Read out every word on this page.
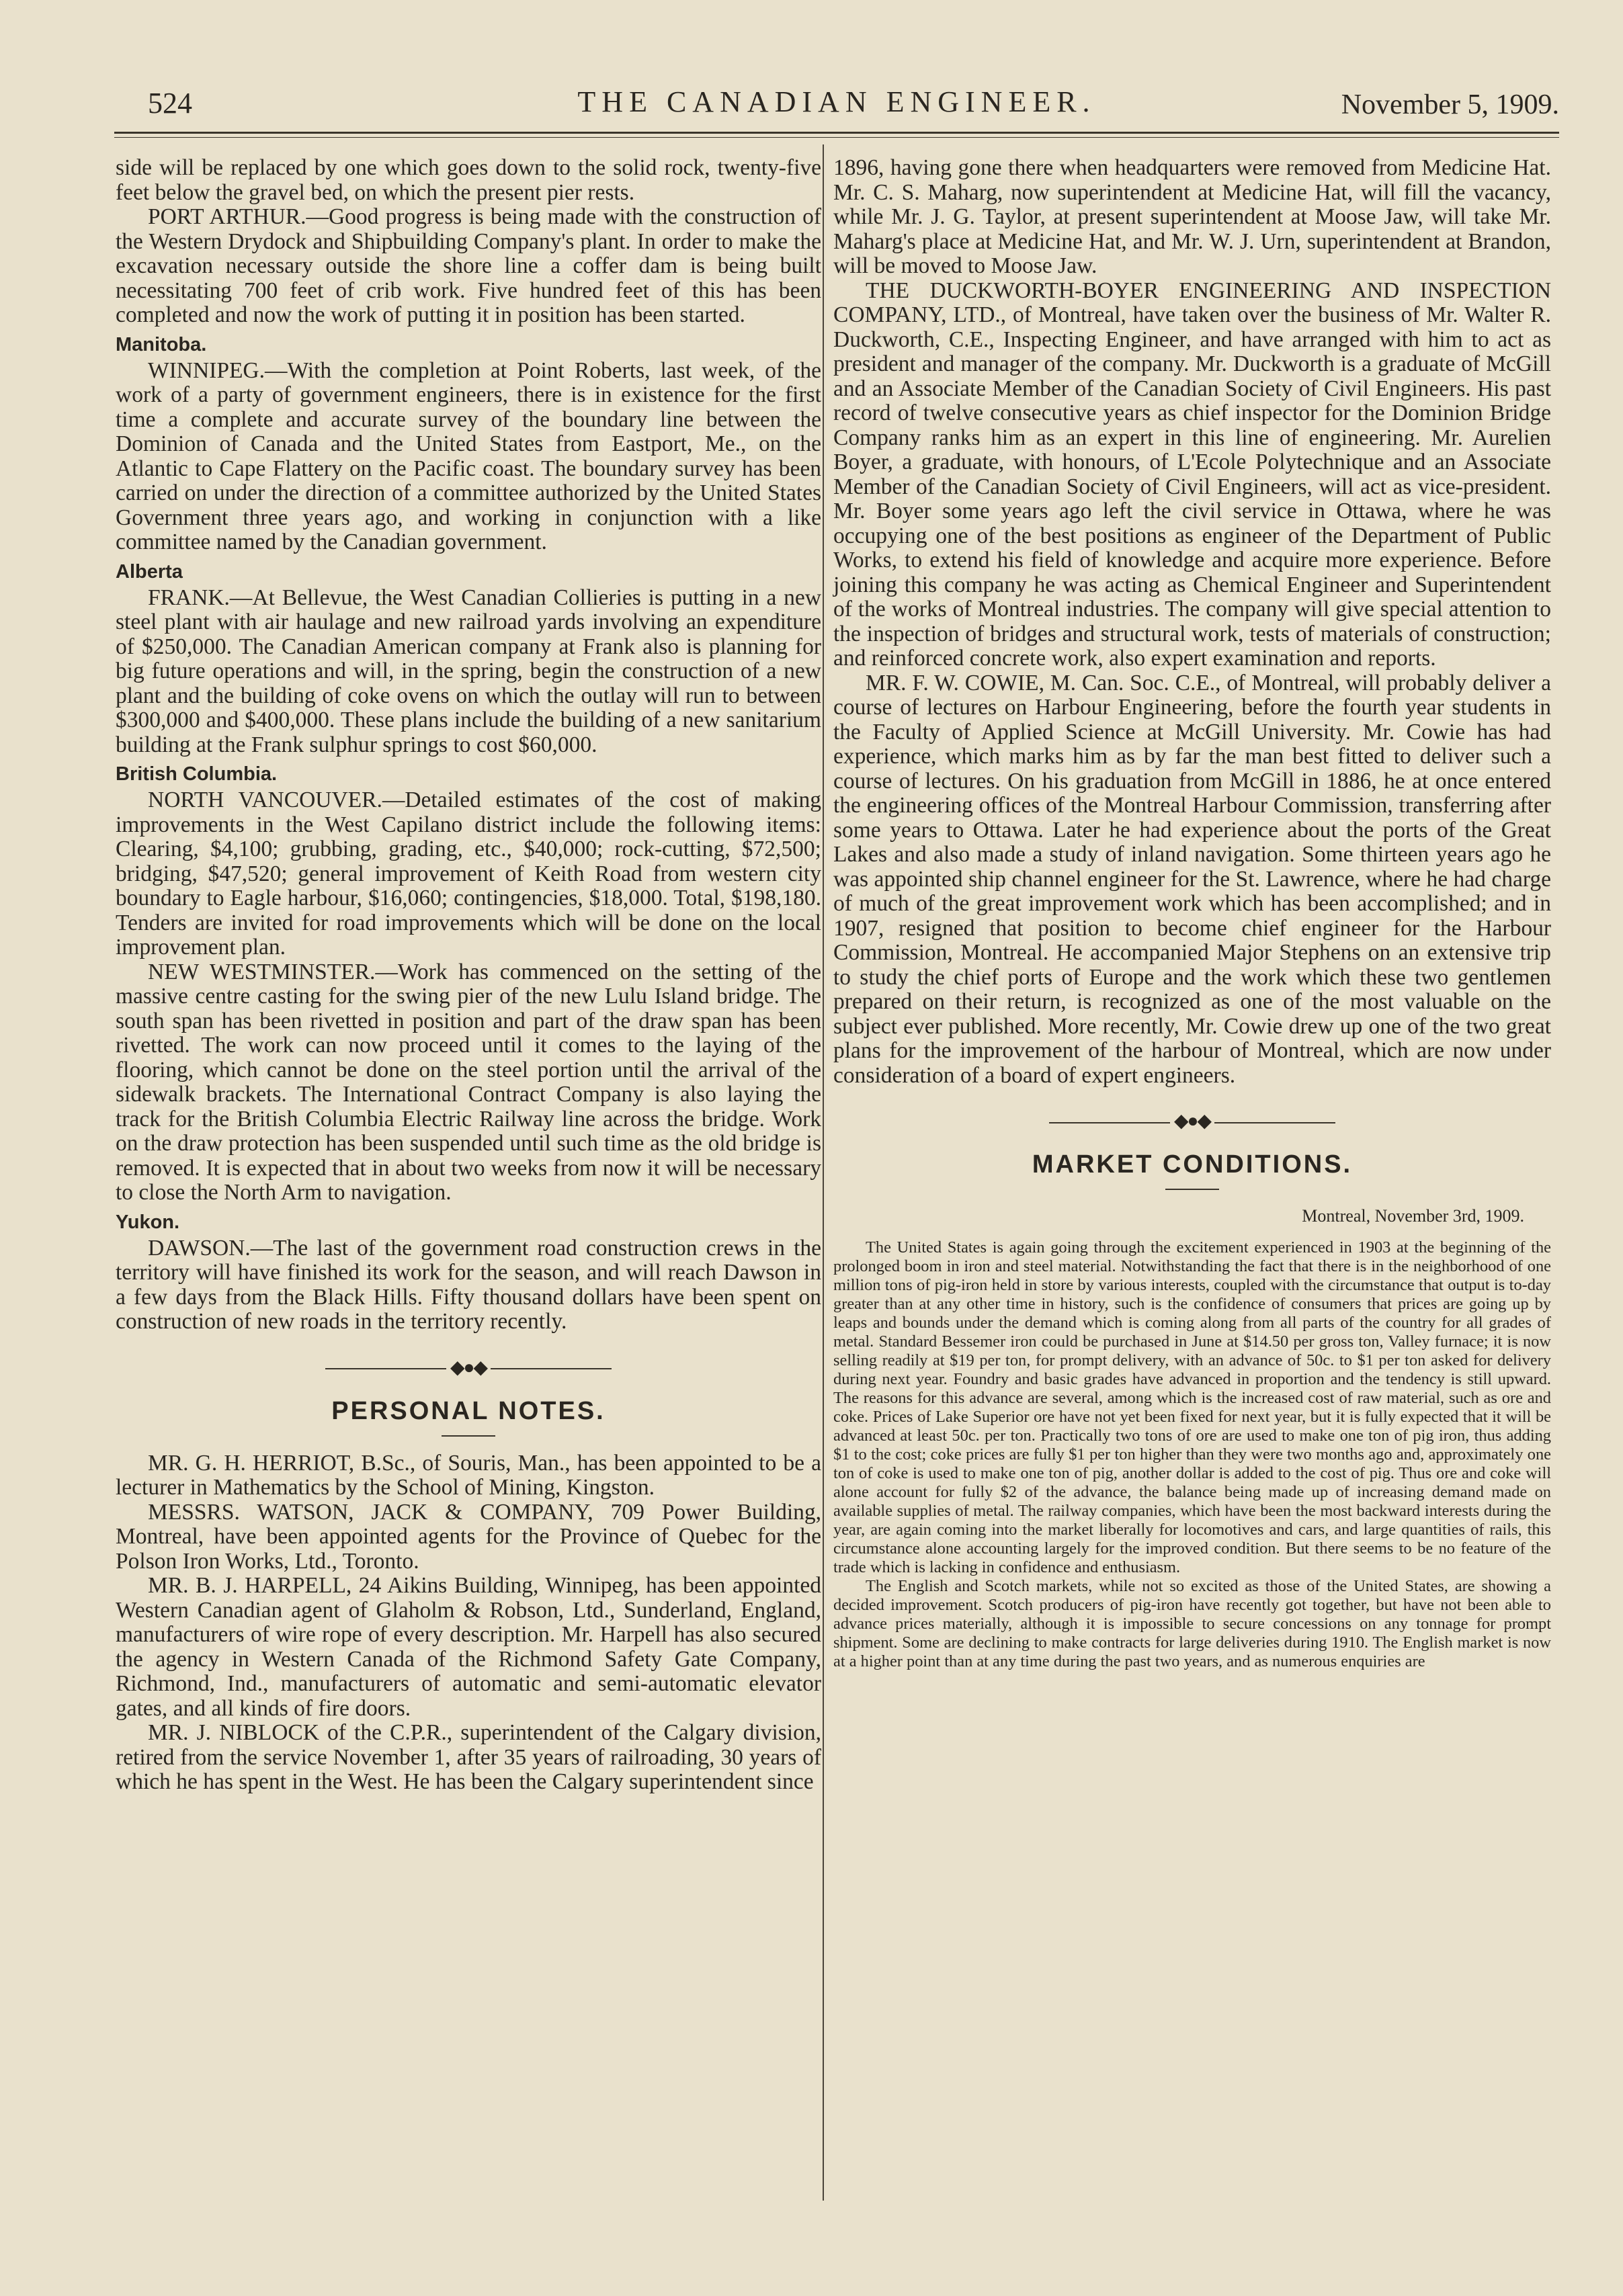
524	THE CANADIAN ENGINEER.	November 5, 1909.

side will be replaced by one which goes down to the solid rock, twenty-five feet below the gravel bed, on which the present pier rests.

PORT ARTHUR.—Good progress is being made with the construction of the Western Drydock and Shipbuilding Company's plant. In order to make the excavation necessary outside the shore line a coffer dam is being built necessitating 700 feet of crib work. Five hundred feet of this has been completed and now the work of putting it in position has been started.

Manitoba.

WINNIPEG.—With the completion at Point Roberts, last week, of the work of a party of government engineers, there is in existence for the first time a complete and accurate survey of the boundary line between the Dominion of Canada and the United States from Eastport, Me., on the Atlantic to Cape Flattery on the Pacific coast. The boundary survey has been carried on under the direction of a committee authorized by the United States Government three years ago, and working in conjunction with a like committee named by the Canadian government.

Alberta

FRANK.—At Bellevue, the West Canadian Collieries is putting in a new steel plant with air haulage and new railroad yards involving an expenditure of $250,000. The Canadian American company at Frank also is planning for big future operations and will, in the spring, begin the construction of a new plant and the building of coke ovens on which the outlay will run to between $300,000 and $400,000. These plans include the building of a new sanitarium building at the Frank sulphur springs to cost $60,000.

British Columbia.

NORTH VANCOUVER.—Detailed estimates of the cost of making improvements in the West Capilano district include the following items: Clearing, $4,100; grubbing, grading, etc., $40,000; rock-cutting, $72,500; bridging, $47,520; general improvement of Keith Road from western city boundary to Eagle harbour, $16,060; contingencies, $18,000. Total, $198,180. Tenders are invited for road improvements which will be done on the local improvement plan.

NEW WESTMINSTER.—Work has commenced on the setting of the massive centre casting for the swing pier of the new Lulu Island bridge. The south span has been rivetted in position and part of the draw span has been rivetted. The work can now proceed until it comes to the laying of the flooring, which cannot be done on the steel portion until the arrival of the sidewalk brackets. The International Contract Company is also laying the track for the British Columbia Electric Railway line across the bridge. Work on the draw protection has been suspended until such time as the old bridge is removed. It is expected that in about two weeks from now it will be necessary to close the North Arm to navigation.

Yukon.

DAWSON.—The last of the government road construction crews in the territory will have finished its work for the season, and will reach Dawson in a few days from the Black Hills. Fifty thousand dollars have been spent on construction of new roads in the territory recently.

◆●◆
PERSONAL NOTES.

MR. G. H. HERRIOT, B.Sc., of Souris, Man., has been appointed to be a lecturer in Mathematics by the School of Mining, Kingston.

MESSRS. WATSON, JACK & COMPANY, 709 Power Building, Montreal, have been appointed agents for the Province of Quebec for the Polson Iron Works, Ltd., Toronto.

MR. B. J. HARPELL, 24 Aikins Building, Winnipeg, has been appointed Western Canadian agent of Glaholm & Robson, Ltd., Sunderland, England, manufacturers of wire rope of every description. Mr. Harpell has also secured the agency in Western Canada of the Richmond Safety Gate Company, Richmond, Ind., manufacturers of automatic and semi-automatic elevator gates, and all kinds of fire doors.

MR. J. NIBLOCK of the C.P.R., superintendent of the Calgary division, retired from the service November 1, after 35 years of railroading, 30 years of which he has spent in the West. He has been the Calgary superintendent since

1896, having gone there when headquarters were removed from Medicine Hat. Mr. C. S. Maharg, now superintendent at Medicine Hat, will fill the vacancy, while Mr. J. G. Taylor, at present superintendent at Moose Jaw, will take Mr. Maharg's place at Medicine Hat, and Mr. W. J. Urn, superintendent at Brandon, will be moved to Moose Jaw.

THE DUCKWORTH-BOYER ENGINEERING AND INSPECTION COMPANY, LTD., of Montreal, have taken over the business of Mr. Walter R. Duckworth, C.E., Inspecting Engineer, and have arranged with him to act as president and manager of the company. Mr. Duckworth is a graduate of McGill and an Associate Member of the Canadian Society of Civil Engineers. His past record of twelve consecutive years as chief inspector for the Dominion Bridge Company ranks him as an expert in this line of engineering. Mr. Aurelien Boyer, a graduate, with honours, of L'Ecole Polytechnique and an Associate Member of the Canadian Society of Civil Engineers, will act as vice-president. Mr. Boyer some years ago left the civil service in Ottawa, where he was occupying one of the best positions as engineer of the Department of Public Works, to extend his field of knowledge and acquire more experience. Before joining this company he was acting as Chemical Engineer and Superintendent of the works of Montreal industries. The company will give special attention to the inspection of bridges and structural work, tests of materials of construction; and reinforced concrete work, also expert examination and reports.

MR. F. W. COWIE, M. Can. Soc. C.E., of Montreal, will probably deliver a course of lectures on Harbour Engineering, before the fourth year students in the Faculty of Applied Science at McGill University. Mr. Cowie has had experience, which marks him as by far the man best fitted to deliver such a course of lectures. On his graduation from McGill in 1886, he at once entered the engineering offices of the Montreal Harbour Commission, transferring after some years to Ottawa. Later he had experience about the ports of the Great Lakes and also made a study of inland navigation. Some thirteen years ago he was appointed ship channel engineer for the St. Lawrence, where he had charge of much of the great improvement work which has been accomplished; and in 1907, resigned that position to become chief engineer for the Harbour Commission, Montreal. He accompanied Major Stephens on an extensive trip to study the chief ports of Europe and the work which these two gentlemen prepared on their return, is recognized as one of the most valuable on the subject ever published. More recently, Mr. Cowie drew up one of the two great plans for the improvement of the harbour of Montreal, which are now under consideration of a board of expert engineers.

◆●◆
MARKET CONDITIONS.
Montreal, November 3rd, 1909.

The United States is again going through the excitement experienced in 1903 at the beginning of the prolonged boom in iron and steel material. Notwithstanding the fact that there is in the neighborhood of one million tons of pig-iron held in store by various interests, coupled with the circumstance that output is to-day greater than at any other time in history, such is the confidence of consumers that prices are going up by leaps and bounds under the demand which is coming along from all parts of the country for all grades of metal. Standard Bessemer iron could be purchased in June at $14.50 per gross ton, Valley furnace; it is now selling readily at $19 per ton, for prompt delivery, with an advance of 50c. to $1 per ton asked for delivery during next year. Foundry and basic grades have advanced in proportion and the tendency is still upward. The reasons for this advance are several, among which is the increased cost of raw material, such as ore and coke. Prices of Lake Superior ore have not yet been fixed for next year, but it is fully expected that it will be advanced at least 50c. per ton. Practically two tons of ore are used to make one ton of pig iron, thus adding $1 to the cost; coke prices are fully $1 per ton higher than they were two months ago and, approximately one ton of coke is used to make one ton of pig, another dollar is added to the cost of pig. Thus ore and coke will alone account for fully $2 of the advance, the balance being made up of increasing demand made on available supplies of metal. The railway companies, which have been the most backward interests during the year, are again coming into the market liberally for locomotives and cars, and large quantities of rails, this circumstance alone accounting largely for the improved condition. But there seems to be no feature of the trade which is lacking in confidence and enthusiasm.

The English and Scotch markets, while not so excited as those of the United States, are showing a decided improvement. Scotch producers of pig-iron have recently got together, but have not been able to advance prices materially, although it is impossible to secure concessions on any tonnage for prompt shipment. Some are declining to make contracts for large deliveries during 1910. The English market is now at a higher point than at any time during the past two years, and as numerous enquiries are
